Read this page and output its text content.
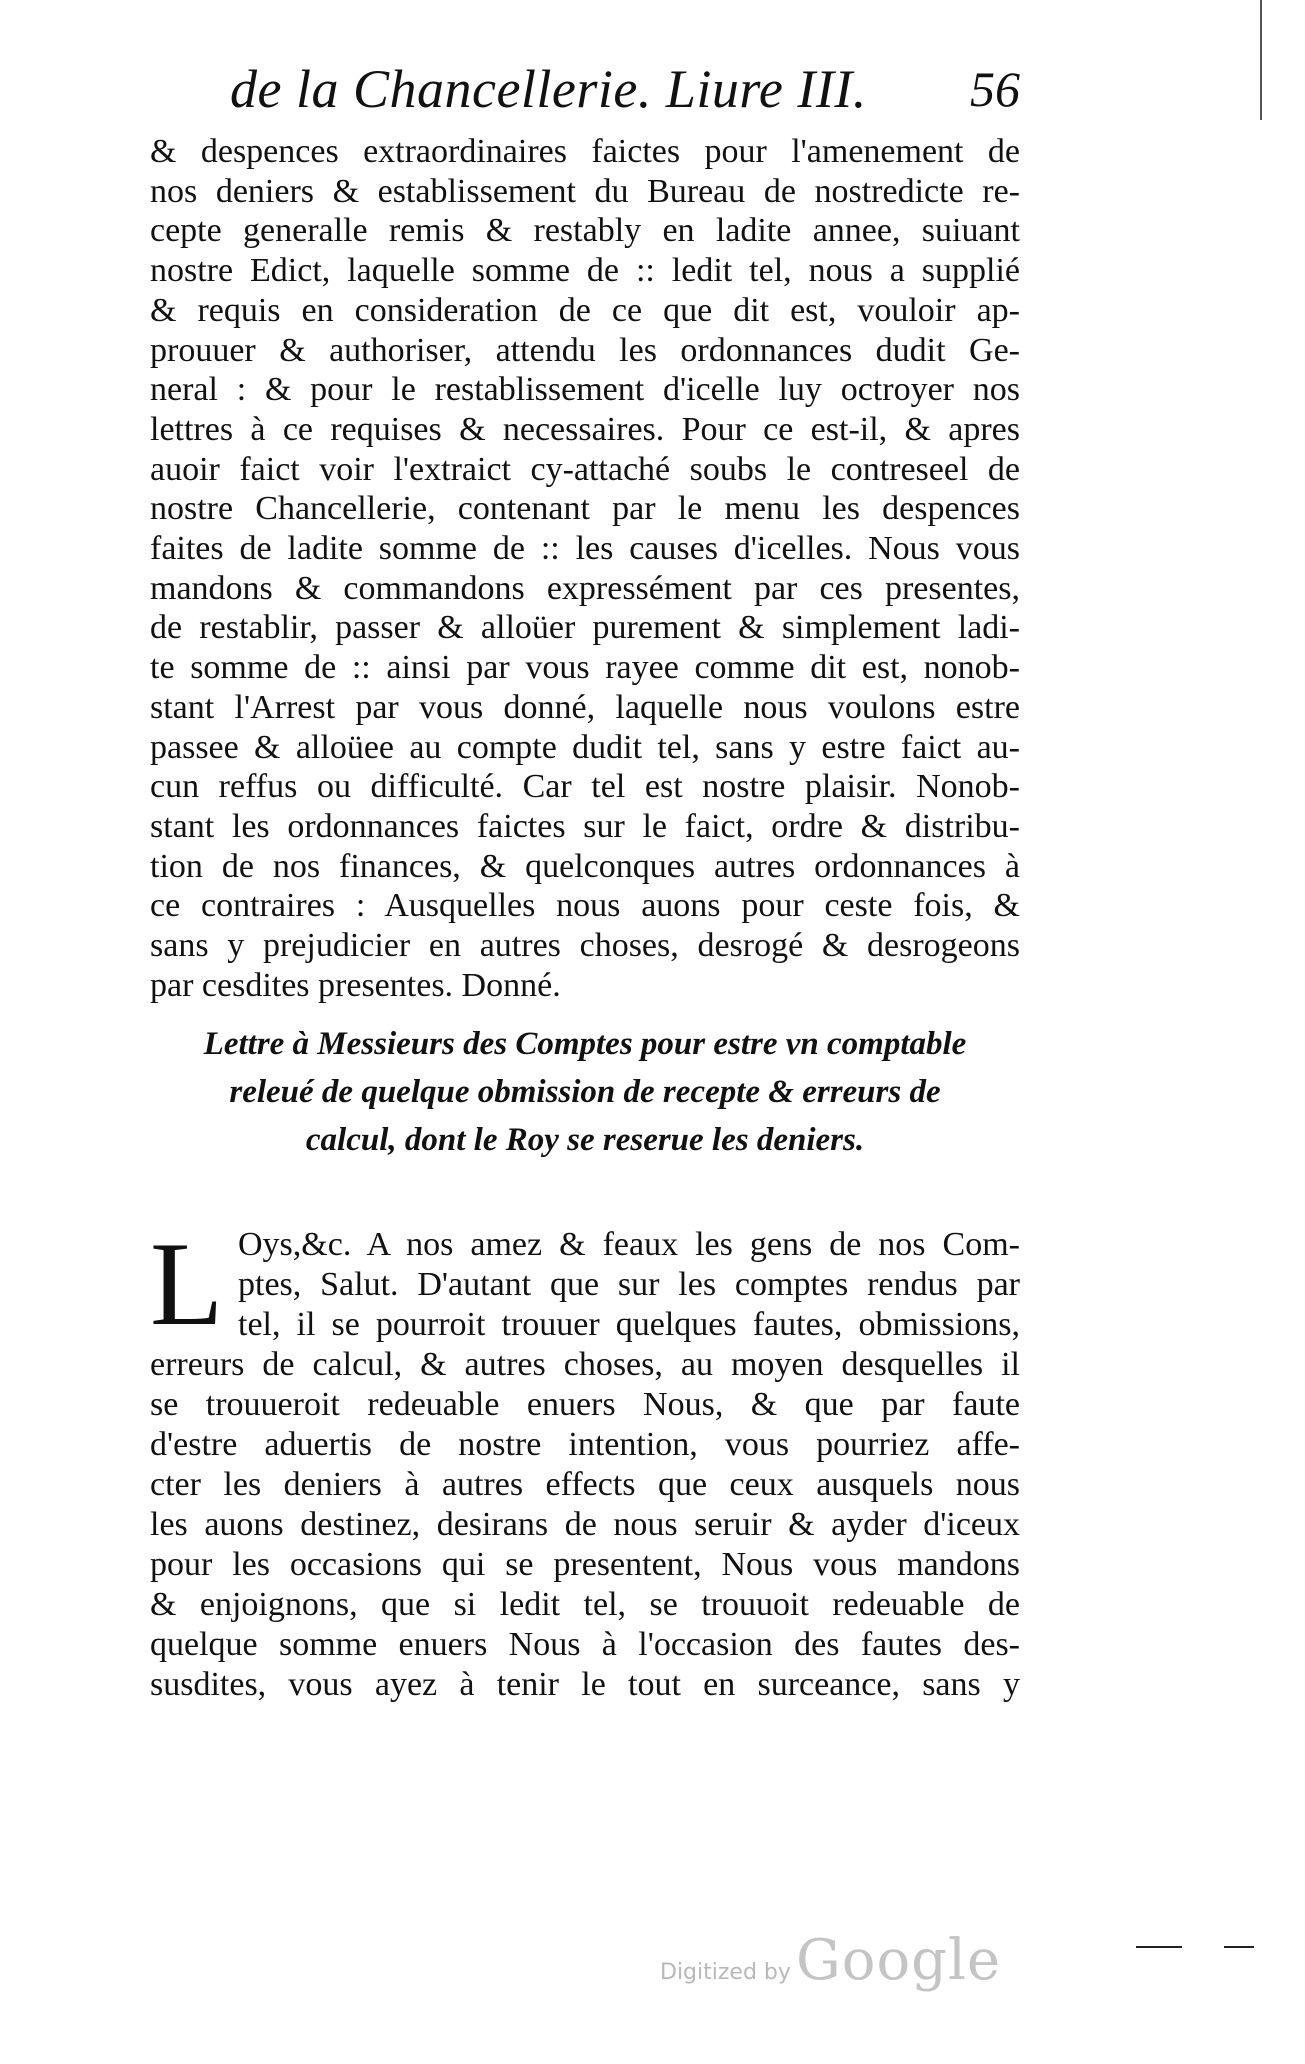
de la Chancellerie. Liure III. 56
& despences extraordinaires faictes pour l'amenement de
nos deniers & establissement du Bureau de nostredicte re-
cepte generalle remis & restably en ladite annee, suiuant
nostre Edict, laquelle somme de :: ledit tel, nous a supplié
& requis en consideration de ce que dit est, vouloir ap-
prouuer & authoriser, attendu les ordonnances dudit Ge-
neral : & pour le restablissement d'icelle luy octroyer nos
lettres à ce requises & necessaires. Pour ce est-il, & apres
auoir faict voir l'extraict cy-attaché soubs le contreseel de
nostre Chancellerie, contenant par le menu les despences
faites de ladite somme de :: les causes d'icelles. Nous vous
mandons & commandons expressément par ces presentes,
de restablir, passer & alloüer purement & simplement ladi-
te somme de :: ainsi par vous rayee comme dit est, nonob-
stant l'Arrest par vous donné, laquelle nous voulons estre
passee & alloüee au compte dudit tel, sans y estre faict au-
cun reffus ou difficulté. Car tel est nostre plaisir. Nonob-
stant les ordonnances faictes sur le faict, ordre & distribu-
tion de nos finances, & quelconques autres ordonnances à
ce contraires : Ausquelles nous auons pour ceste fois, &
sans y prejudicier en autres choses, desrogé & desrogeons
par cesdites presentes. Donné.
Lettre à Messieurs des Comptes pour estre vn comptable
releué de quelque obmission de recepte & erreurs de
calcul, dont le Roy se reserue les deniers.
L Oys,&c. A nos amez & feaux les gens de nos Com-
ptes, Salut. D'autant que sur les comptes rendus par
tel, il se pourroit trouuer quelques fautes, obmissions,
erreurs de calcul, & autres choses, au moyen desquelles il
se trouueroit redeuable enuers Nous, & que par faute
d'estre aduertis de nostre intention, vous pourriez affe-
cter les deniers à autres effects que ceux ausquels nous
les auons destinez, desirans de nous seruir & ayder d'iceux
pour les occasions qui se presentent, Nous vous mandons
& enjoignons, que si ledit tel, se trouuoit redeuable de
quelque somme enuers Nous à l'occasion des fautes des-
susdites, vous ayez à tenir le tout en surceance, sans y
Digitized by Google
